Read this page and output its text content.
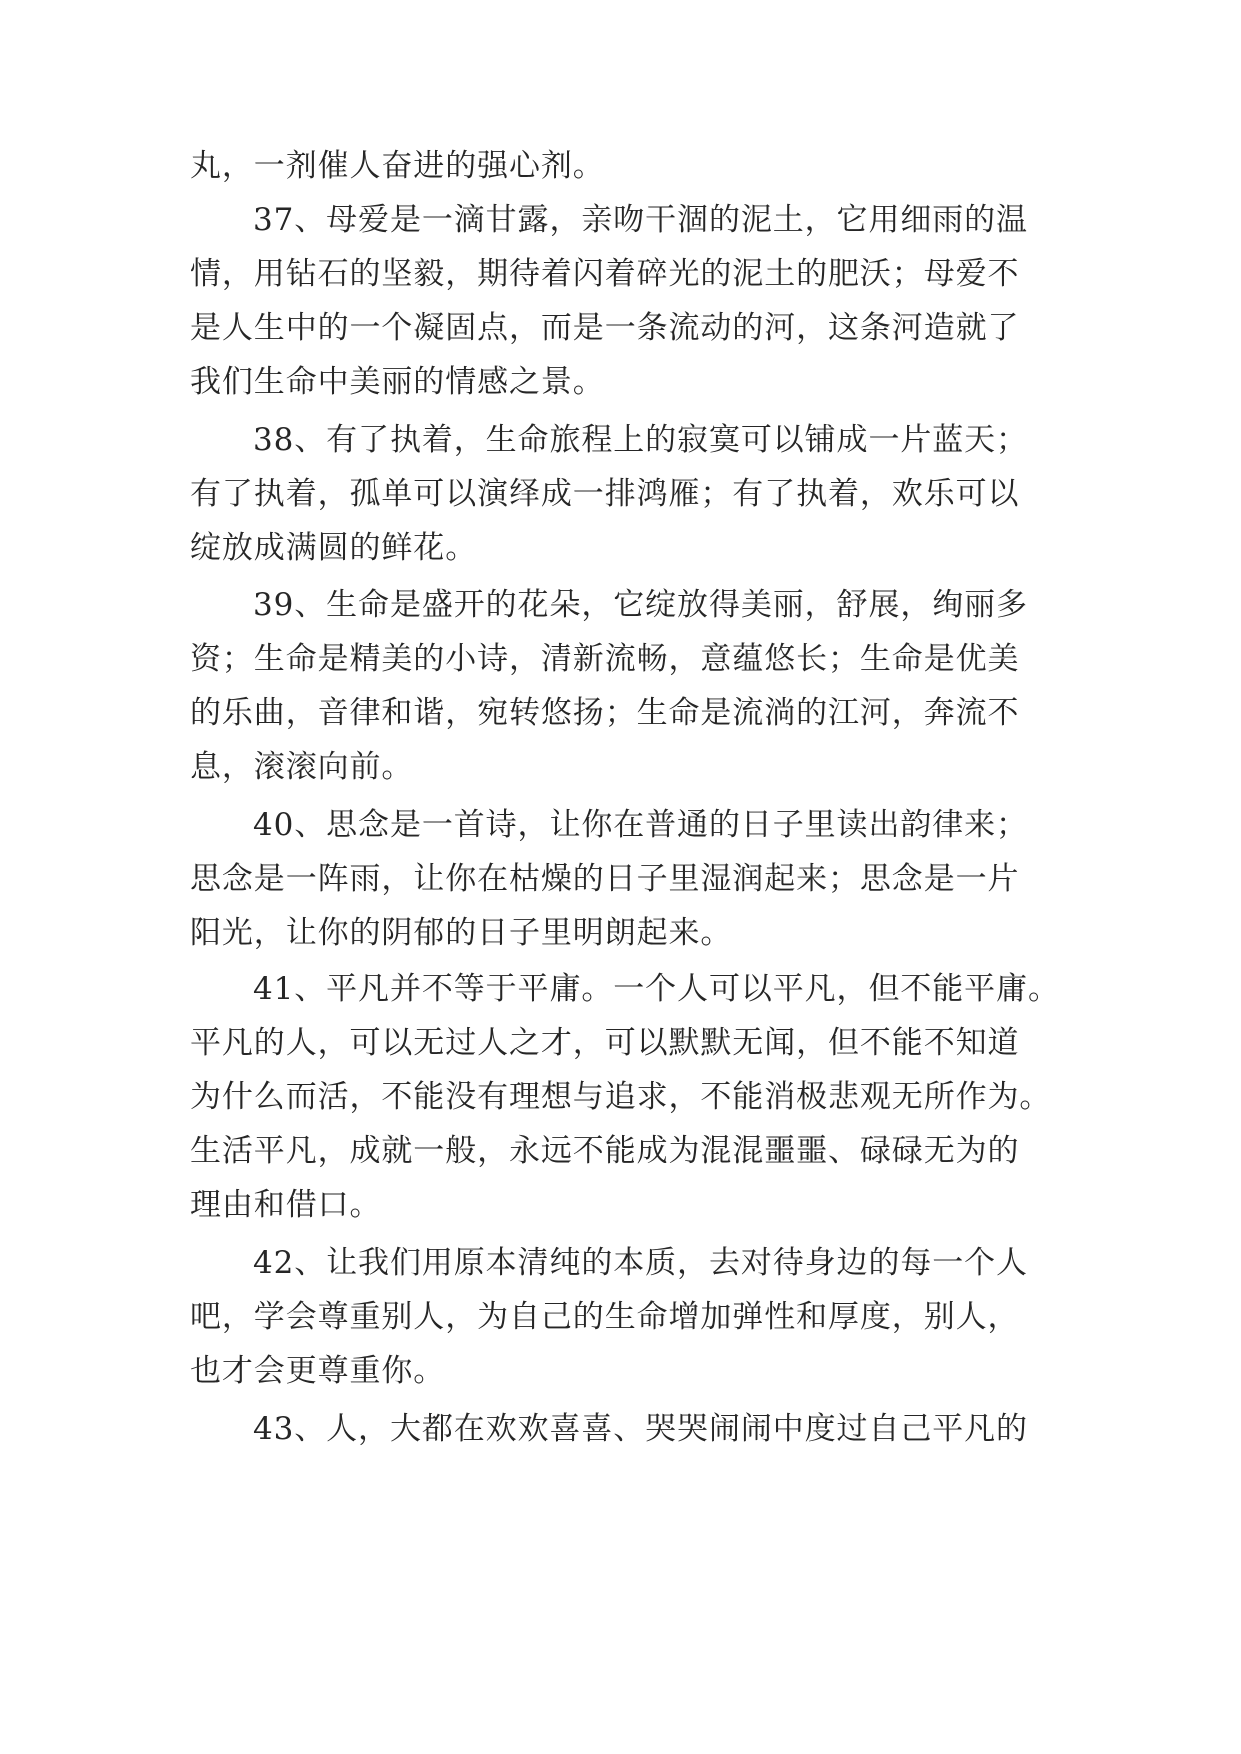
丸，一剂催人奋进的强心剂。

37、母爱是一滴甘露，亲吻干涸的泥土，它用细雨的温

情，用钻石的坚毅，期待着闪着碎光的泥土的肥沃；母爱不

是人生中的一个凝固点，而是一条流动的河，这条河造就了

我们生命中美丽的情感之景。

38、有了执着，生命旅程上的寂寞可以铺成一片蓝天；

有了执着，孤单可以演绎成一排鸿雁；有了执着，欢乐可以

绽放成满圆的鲜花。

39、生命是盛开的花朵，它绽放得美丽，舒展，绚丽多

资；生命是精美的小诗，清新流畅，意蕴悠长；生命是优美

的乐曲，音律和谐，宛转悠扬；生命是流淌的江河，奔流不

息，滚滚向前。

40、思念是一首诗，让你在普通的日子里读出韵律来；

思念是一阵雨，让你在枯燥的日子里湿润起来；思念是一片

阳光，让你的阴郁的日子里明朗起来。

41、平凡并不等于平庸。一个人可以平凡，但不能平庸。

平凡的人，可以无过人之才，可以默默无闻，但不能不知道

为什么而活，不能没有理想与追求，不能消极悲观无所作为。

生活平凡，成就一般，永远不能成为混混噩噩、碌碌无为的

理由和借口。

42、让我们用原本清纯的本质，去对待身边的每一个人

吧，学会尊重别人，为自己的生命增加弹性和厚度，别人，

也才会更尊重你。

43、人，大都在欢欢喜喜、哭哭闹闹中度过自己平凡的
